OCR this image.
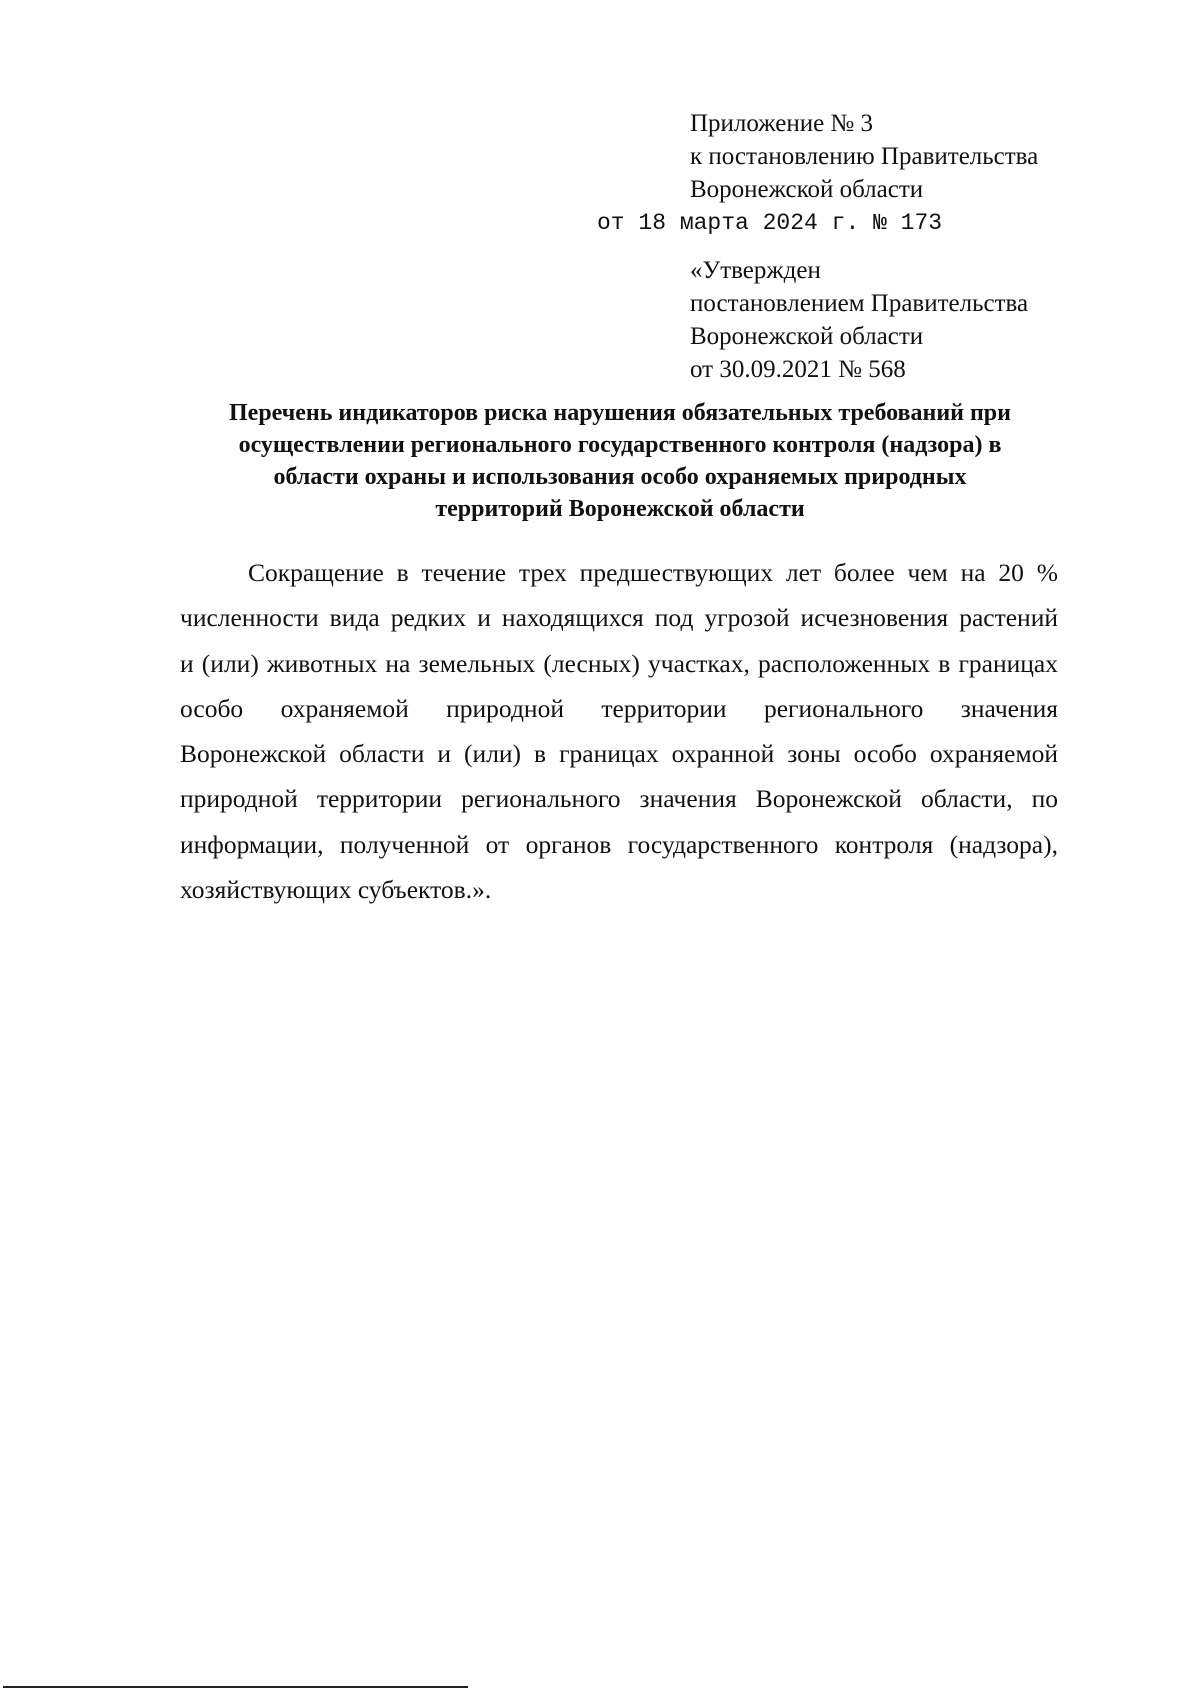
Приложение № 3
к постановлению Правительства
Воронежской области
от 18 марта 2024 г. № 173
«Утвержден
постановлением Правительства
Воронежской области
от 30.09.2021 № 568
Перечень индикаторов риска нарушения обязательных требований при
осуществлении регионального государственного контроля (надзора) в
области охраны и использования особо охраняемых природных
территорий Воронежской области
Сокращение в течение трех предшествующих лет более чем на 20 %
численности вида редких и находящихся под угрозой исчезновения растений
и (или) животных на земельных (лесных) участках, расположенных в границах
особо охраняемой природной территории регионального значения
Воронежской области и (или) в границах охранной зоны особо охраняемой
природной территории регионального значения Воронежской области, по
информации, полученной от органов государственного контроля (надзора),
хозяйствующих субъектов.».
